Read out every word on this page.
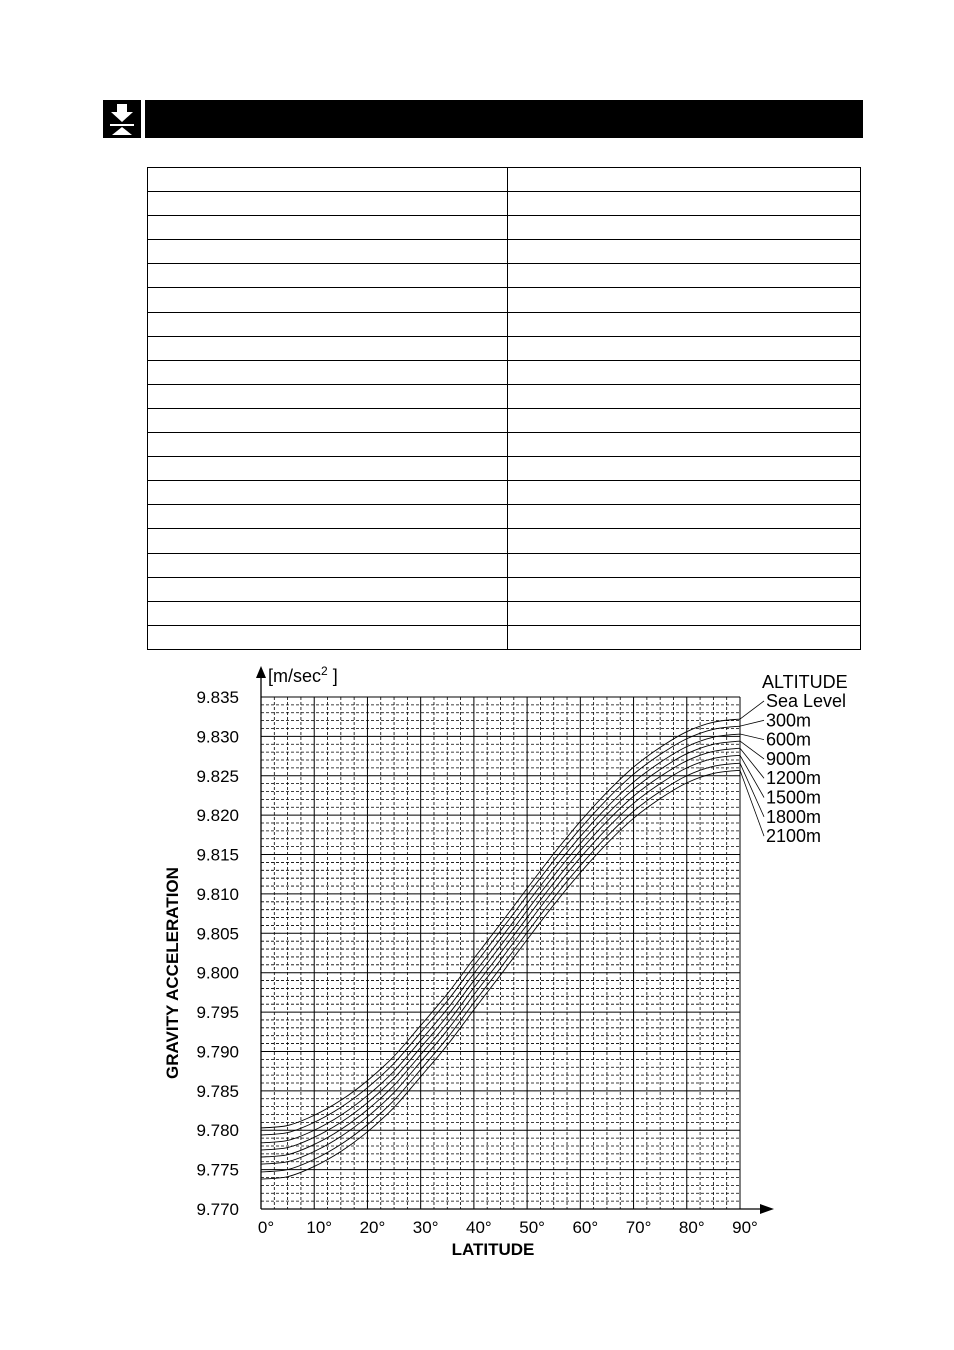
9.770
9.775
9.780
9.785
9.790
9.795
9.800
9.805
9.810
9.815
9.820
9.825
9.830
9.835
0° 10° 20° 30° 40° 50° 60° 70° 80° 90°
[$m/\sec^2$ ]
GRAVITY ACCELERATION
LATITUDE
ALTITUDE
Sea Level
300m
600m
900m
1200m
1500m
1800m
2100m
